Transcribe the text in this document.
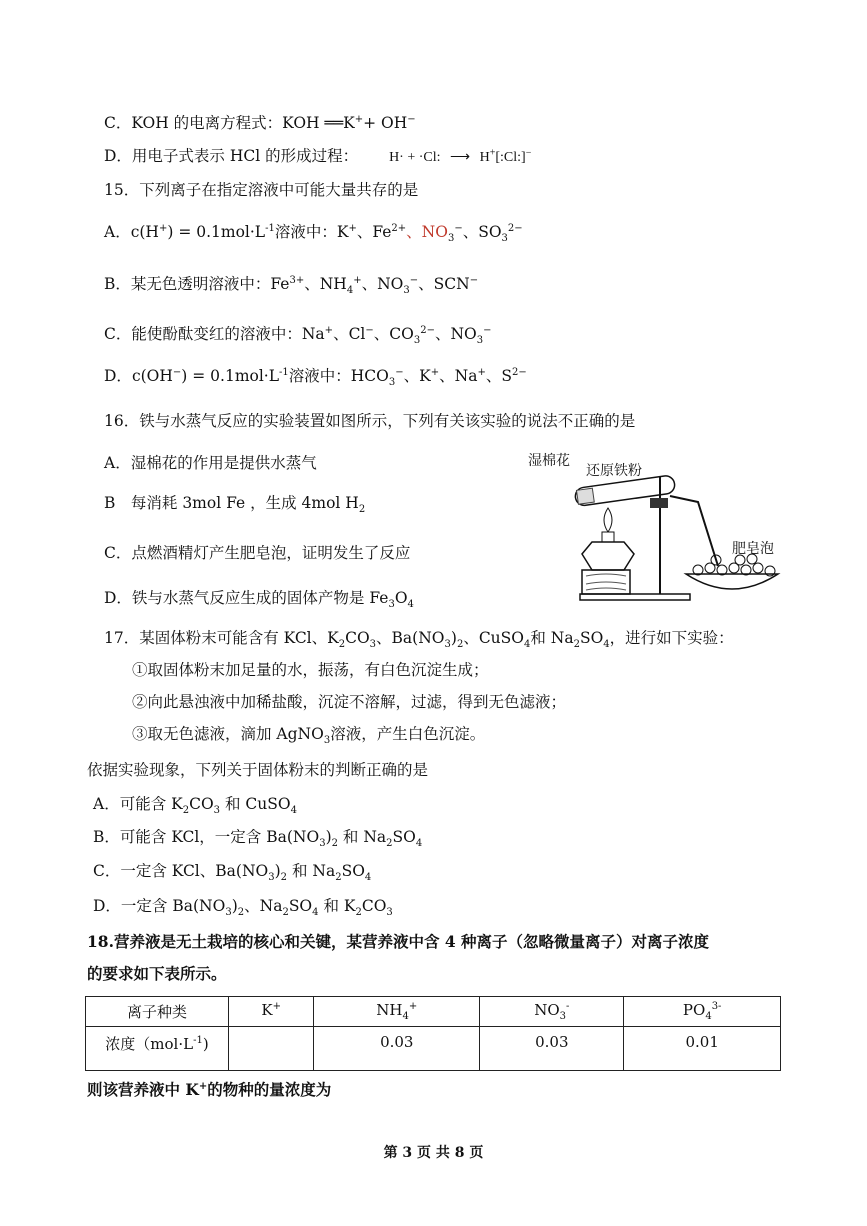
C．KOH 的电离方程式：KOH ══K++ OH−
D．用电子式表示 HCl 的形成过程： H· + ·Cl: ⟶ H+[:Cl:]−
15．下列离子在指定溶液中可能大量共存的是
A．$c(H^+) = 0.1mol\cdot L^{-1}$溶液中：K+、$Fe^{2+}$、$NO_3^-$、$SO_3^{2-}$
B．某无色透明溶液中：$Fe^{3+}$、$NH_4^+$、$NO_3^-$、SCN−
C．能使酚酞变红的溶液中：Na+、Cl−、$CO_3^{2-}$、$NO_3^-$
D．$c(OH^-) = 0.1mol\cdot L^{-1}$溶液中：$HCO_3^-$、K+、Na+、$S^{2-}$
16．铁与水蒸气反应的实验装置如图所示，下列有关该实验的说法不正确的是
A．湿棉花的作用是提供水蒸气
B　每消耗 3mol Fe ，生成 4mol $H_2$
C．点燃酒精灯产生肥皂泡，证明发生了反应
D．铁与水蒸气反应生成的固体产物是 $Fe_3O_4$
湿棉花
还原铁粉
肥皂泡
17．某固体粉末可能含有 KCl、$K_2CO_3$、$Ba(NO_3)_2$、CuSO$_4$和 $Na_2SO_4$，进行如下实验：
①取固体粉末加足量的水，振荡，有白色沉淀生成；
②向此悬浊液中加稀盐酸，沉淀不溶解，过滤，得到无色滤液；
③取无色滤液，滴加 AgNO$_3$溶液，产生白色沉淀。
依据实验现象，下列关于固体粉末的判断正确的是
A．可能含 $K_2CO_3$ 和 CuSO$_4$
B．可能含 KCl，一定含 $Ba(NO_3)_2$ 和 $Na_2SO_4$
C．一定含 KCl、$Ba(NO_3)_2$ 和 $Na_2SO_4$
D．一定含 $Ba(NO_3)_2$、$Na_2SO_4$ 和 $K_2CO_3$
18.营养液是无土栽培的核心和关键，某营养液中含 4 种离子（忽略微量离子）对离子浓度
的要求如下表所示。
离子种类	K+	$NH_4^+$	$NO_3^-$	$PO_4^{3-}$
浓度$(mol\cdot L^{-1})$		0.03	0.03	0.01
则该营养液中 K+的物种的量浓度为
第 3 页 共 8 页
